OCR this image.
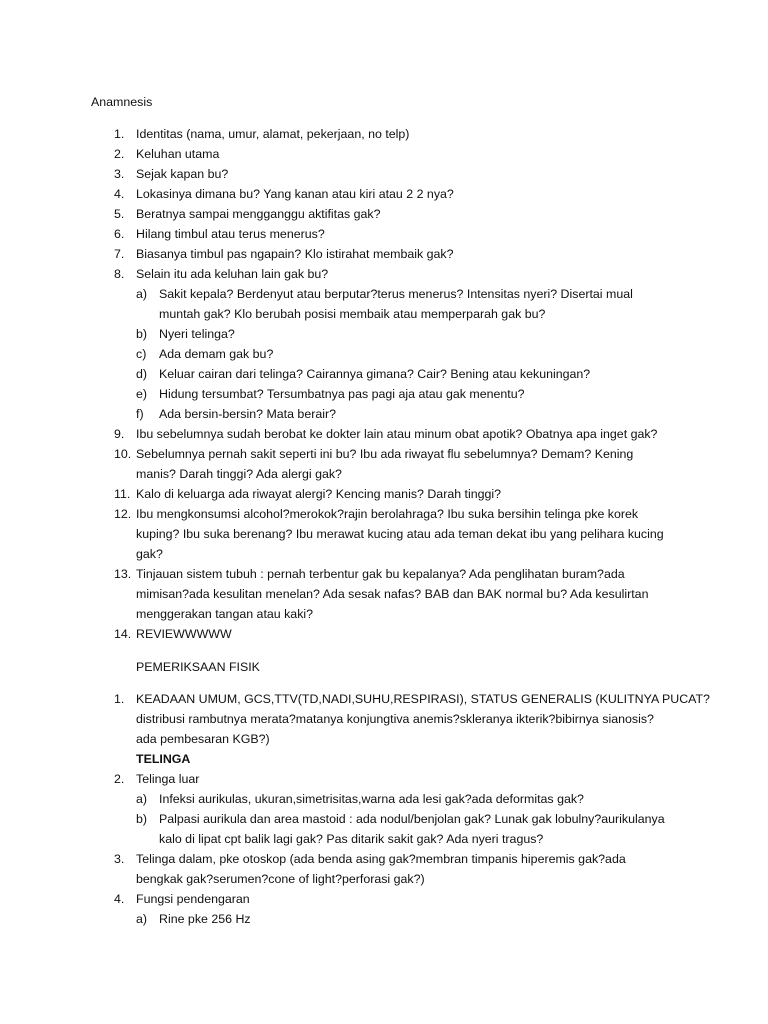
Anamnesis
1. Identitas (nama, umur, alamat, pekerjaan, no telp)
2. Keluhan utama
3. Sejak kapan bu?
4. Lokasinya dimana bu? Yang kanan atau kiri atau 2 2 nya?
5. Beratnya sampai mengganggu aktifitas gak?
6. Hilang timbul atau terus menerus?
7. Biasanya timbul pas ngapain? Klo istirahat membaik gak?
8. Selain itu ada keluhan lain gak bu?
a) Sakit kepala? Berdenyut atau berputar?terus menerus? Intensitas nyeri? Disertai mual
muntah gak? Klo berubah posisi membaik atau memperparah gak bu?
b) Nyeri telinga?
c)	Ada demam gak bu?
d) Keluar cairan dari telinga? Cairannya gimana? Cair? Bening atau kekuningan?
e) Hidung tersumbat? Tersumbatnya pas pagi aja atau gak menentu?
f)	Ada bersin-bersin? Mata berair?
9. Ibu sebelumnya sudah berobat ke dokter lain atau minum obat apotik? Obatnya apa inget gak?
10. Sebelumnya pernah sakit seperti ini bu? Ibu ada riwayat flu sebelumnya? Demam? Kening
manis? Darah tinggi? Ada alergi gak?
11. Kalo di keluarga ada riwayat alergi? Kencing manis? Darah tinggi?
12. Ibu mengkonsumsi alcohol?merokok?rajin berolahraga? Ibu suka bersihin telinga pke korek
kuping? Ibu suka berenang? Ibu merawat kucing atau ada teman dekat ibu yang pelihara kucing
gak?
13. Tinjauan sistem tubuh : pernah terbentur gak bu kepalanya? Ada penglihatan buram?ada
mimisan?ada kesulitan menelan? Ada sesak nafas? BAB dan BAK normal bu? Ada kesulirtan
menggerakan tangan atau kaki?
14. REVIEWWWWW
PEMERIKSAAN FISIK
1. KEADAAN UMUM, GCS,TTV(TD,NADI,SUHU,RESPIRASI), STATUS GENERALIS (KULITNYA PUCAT?
distribusi rambutnya merata?matanya konjungtiva anemis?skleranya ikterik?bibirnya sianosis?
ada pembesaran KGB?)
TELINGA
2. Telinga luar
a) Infeksi aurikulas, ukuran,simetrisitas,warna ada lesi gak?ada deformitas gak?
b) Palpasi aurikula dan area mastoid : ada nodul/benjolan gak? Lunak gak lobulny?aurikulanya
kalo di lipat cpt balik lagi gak? Pas ditarik sakit gak? Ada nyeri tragus?
3. Telinga dalam, pke otoskop (ada benda asing gak?membran timpanis hiperemis gak?ada
bengkak gak?serumen?cone of light?perforasi gak?)
4. Fungsi pendengaran
a) Rine pke 256 Hz
